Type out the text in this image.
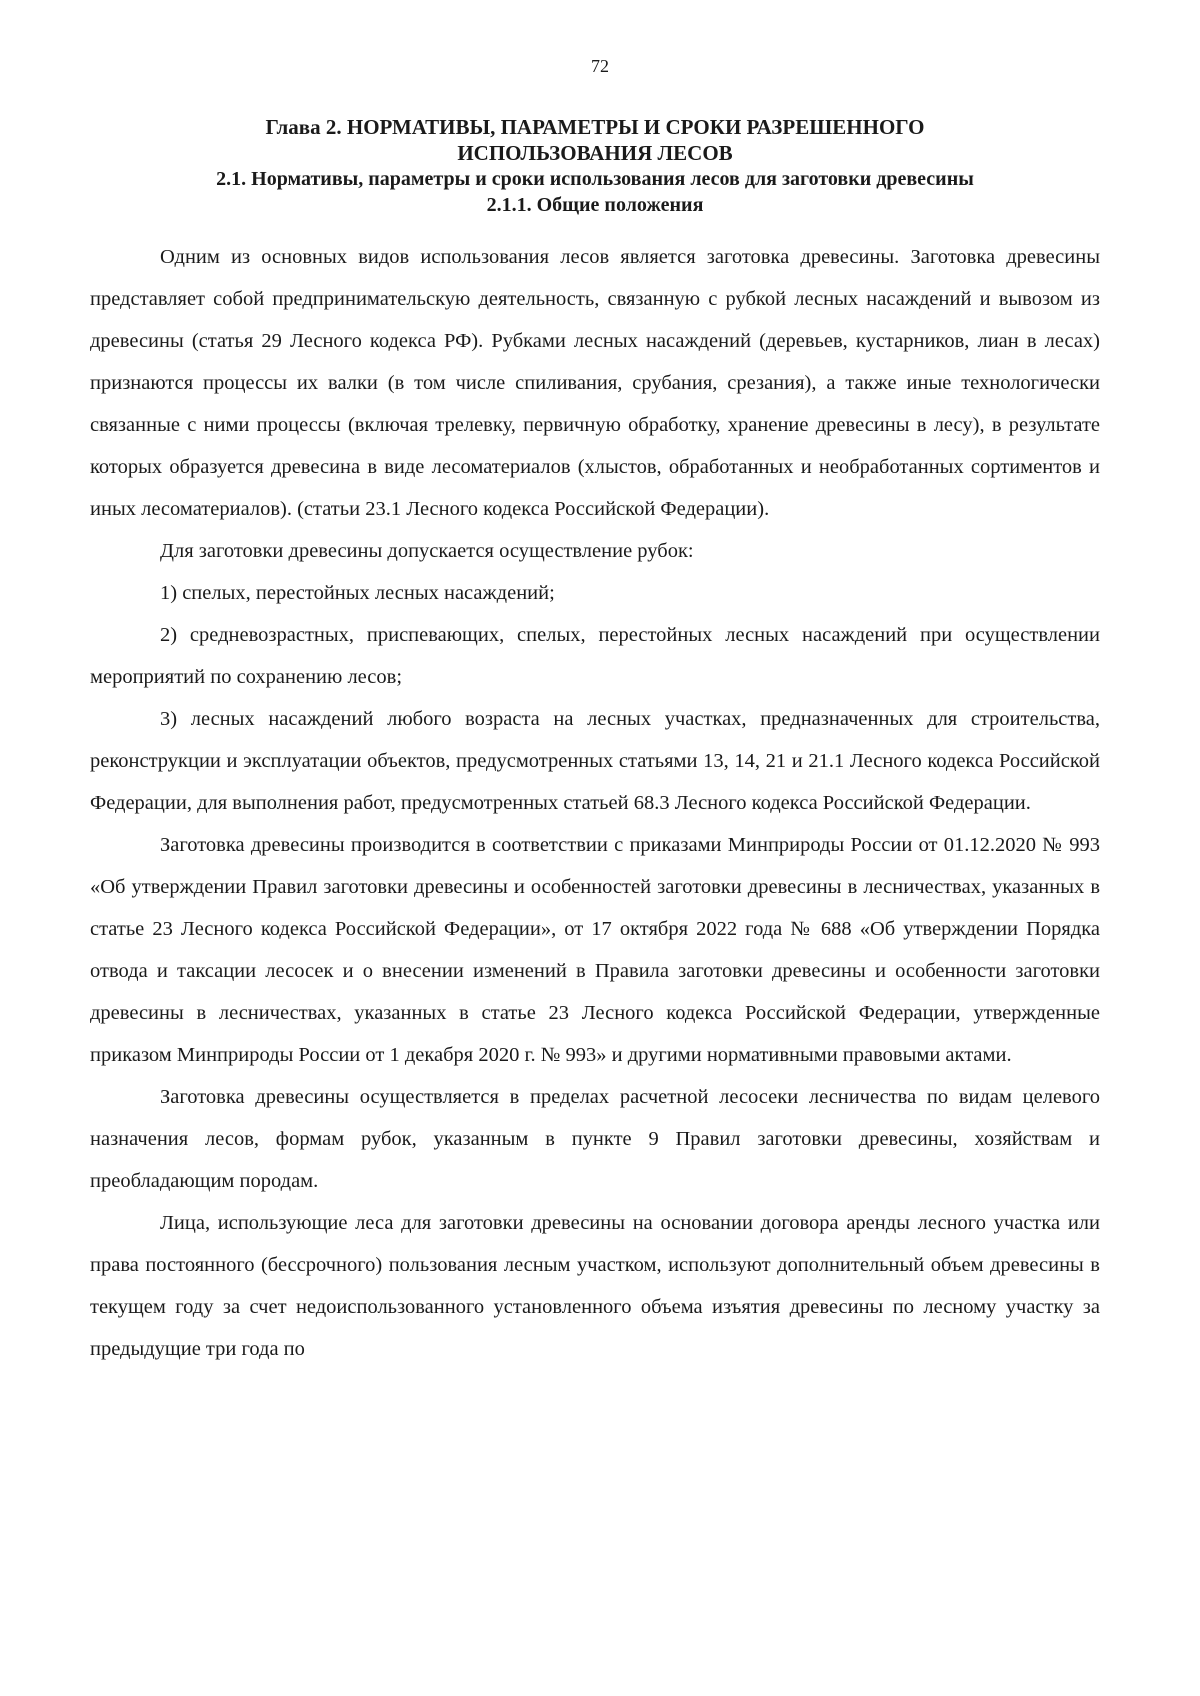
72

Глава 2. НОРМАТИВЫ, ПАРАМЕТРЫ И СРОКИ РАЗРЕШЕННОГО ИСПОЛЬЗОВАНИЯ ЛЕСОВ

2.1. Нормативы, параметры и сроки использования лесов для заготовки древесины

2.1.1. Общие положения

Одним из основных видов использования лесов является заготовка древесины. Заготовка древесины представляет собой предпринимательскую деятельность, связанную с рубкой лесных насаждений и вывозом из древесины (статья 29 Лесного кодекса РФ). Рубками лесных насаждений (деревьев, кустарников, лиан в лесах) признаются процессы их валки (в том числе спиливания, срубания, срезания), а также иные технологически связанные с ними процессы (включая трелевку, первичную обработку, хранение древесины в лесу), в результате которых образуется древесина в виде лесоматериалов (хлыстов, обработанных и необработанных сортиментов и иных лесоматериалов). (статьи 23.1 Лесного кодекса Российской Федерации).

Для заготовки древесины допускается осуществление рубок:

1) спелых, перестойных лесных насаждений;

2) средневозрастных, приспевающих, спелых, перестойных лесных насаждений при осуществлении мероприятий по сохранению лесов;

3) лесных насаждений любого возраста на лесных участках, предназначенных для строительства, реконструкции и эксплуатации объектов, предусмотренных статьями 13, 14, 21 и 21.1 Лесного кодекса Российской Федерации, для выполнения работ, предусмотренных статьей 68.3 Лесного кодекса Российской Федерации.

Заготовка древесины производится в соответствии с приказами Минприроды России от 01.12.2020 № 993 «Об утверждении Правил заготовки древесины и особенностей заготовки древесины в лесничествах, указанных в статье 23 Лесного кодекса Российской Федерации», от 17 октября 2022 года № 688 «Об утверждении Порядка отвода и таксации лесосек и о внесении изменений в Правила заготовки древесины и особенности заготовки древесины в лесничествах, указанных в статье 23 Лесного кодекса Российской Федерации, утвержденные приказом Минприроды России от 1 декабря 2020 г. № 993» и другими нормативными правовыми актами.

Заготовка древесины осуществляется в пределах расчетной лесосеки лесничества по видам целевого назначения лесов, формам рубок, указанным в пункте 9 Правил заготовки древесины, хозяйствам и преобладающим породам.

Лица, использующие леса для заготовки древесины на основании договора аренды лесного участка или права постоянного (бессрочного) пользования лесным участком, используют дополнительный объем древесины в текущем году за счет недоиспользованного установленного объема изъятия древесины по лесному участку за предыдущие три года по
